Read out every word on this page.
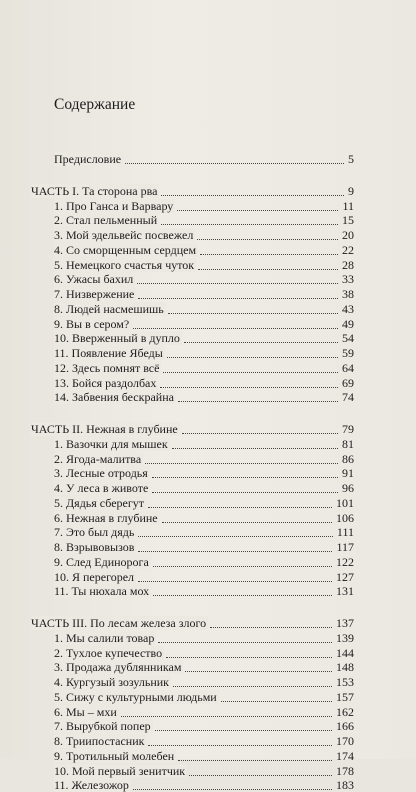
Содержание
Предисловие	5
ЧАСТЬ I. Та сторона рва	9
1. Про Ганса и Варвару	11
2. Стал пельменный	15
3. Мой эдельвейс посвежел	20
4. Со сморщенным сердцем	22
5. Немецкого счастья чуток	28
6. Ужасы бахил	33
7. Низвержение	38
8. Людей насмешишь	43
9. Вы в сером?	49
10. Вверженный в дупло	54
11. Появление Ябеды	59
12. Здесь помнят всё	64
13. Бойся раздолбах	69
14. Забвения бескрайна	74
ЧАСТЬ II. Нежная в глубине	79
1. Вазочки для мышек	81
2. Ягода-малитва	86
3. Лесные отродья	91
4. У леса в животе	96
5. Дядья сберегут	101
6. Нежная в глубине	106
7. Это был дядь	111
8. Взрывовызов	117
9. След Единорога	122
10. Я перегорел	127
11. Ты нюхала мох	131
ЧАСТЬ III. По лесам железа злого	137
1. Мы салили товар	139
2. Тухлое купечество	144
3. Продажа дублянникам	148
4. Кургузый зозульник	153
5. Сижу с культурными людьми	157
6. Мы – мхи	162
7. Вырубкой попер	166
8. Триипостасник	170
9. Тротильный молебен	174
10. Мой первый зенитчик	178
11. Железожор	183
